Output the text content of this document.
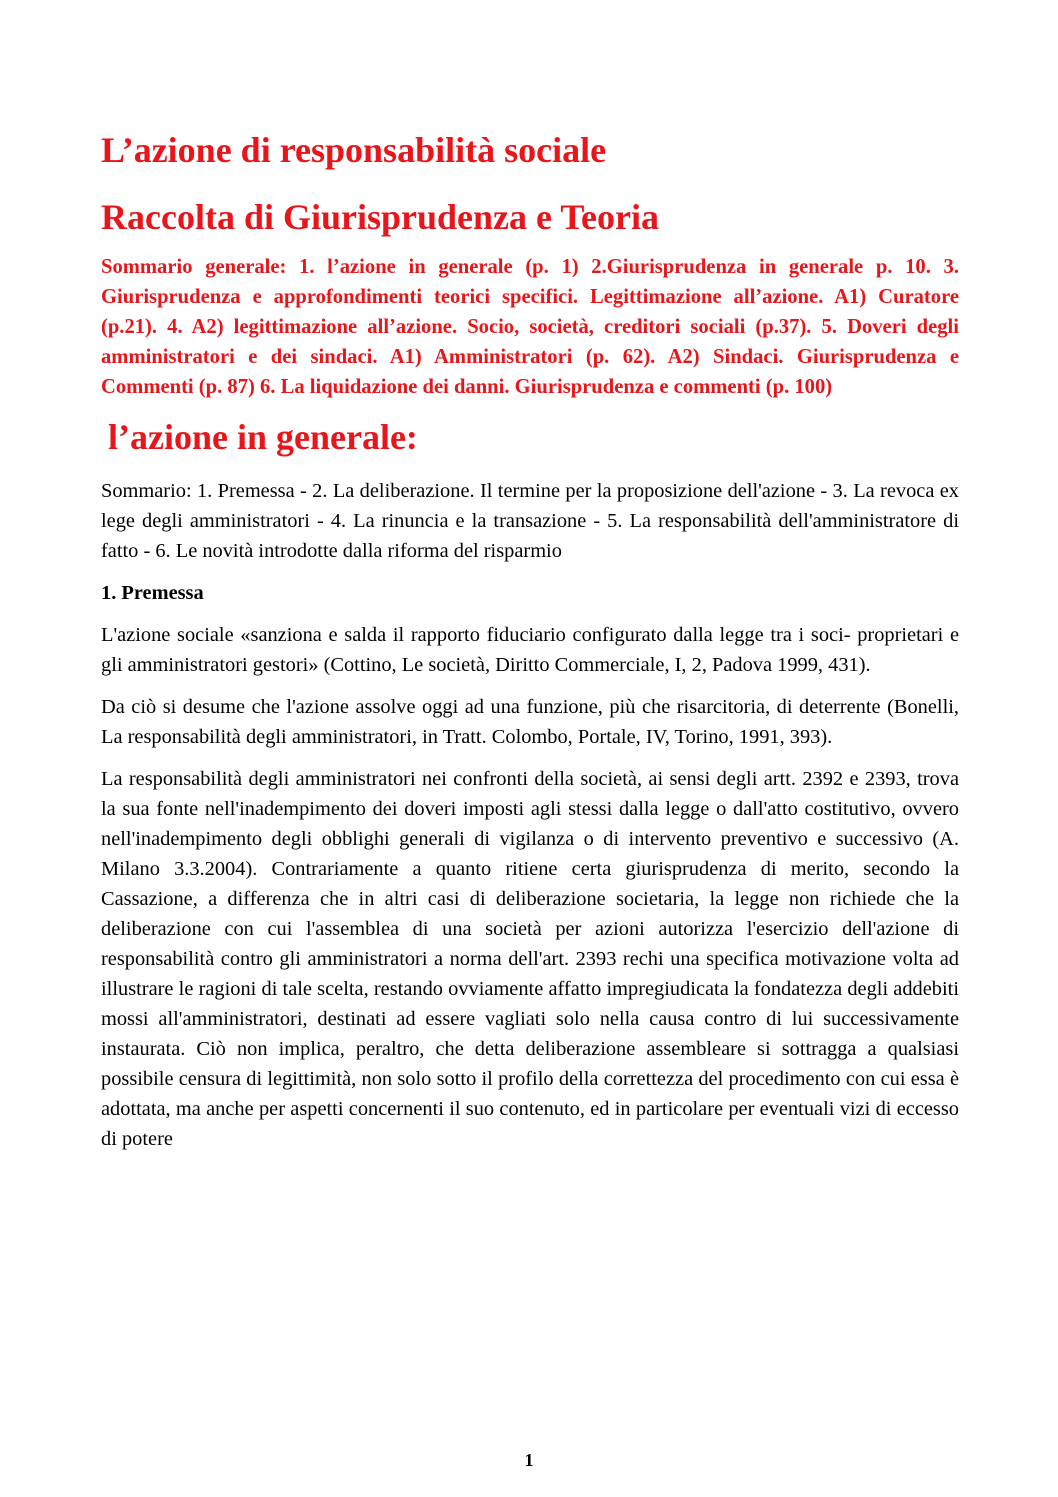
L’azione di responsabilità sociale
Raccolta di Giurisprudenza e Teoria

Sommario generale: 1. l’azione in generale (p. 1) 2.Giurisprudenza in generale p. 10. 3. Giurisprudenza e approfondimenti teorici specifici. Legittimazione all’azione. A1) Curatore (p.21). 4. A2) legittimazione all’azione. Socio, società, creditori sociali (p.37). 5. Doveri degli amministratori e dei sindaci. A1) Amministratori (p. 62). A2) Sindaci. Giurisprudenza e Commenti (p. 87) 6. La liquidazione dei danni. Giurisprudenza e commenti (p. 100)

l’azione in generale:

Sommario: 1. Premessa - 2. La deliberazione. Il termine per la proposizione dell'azione - 3. La revoca ex lege degli amministratori - 4. La rinuncia e la transazione - 5. La responsabilità dell'amministratore di fatto - 6. Le novità introdotte dalla riforma del risparmio

1. Premessa

L'azione sociale «sanziona e salda il rapporto fiduciario configurato dalla legge tra i soci- proprietari e gli amministratori gestori» (Cottino, Le società, Diritto Commerciale, I, 2, Padova 1999, 431).

Da ciò si desume che l'azione assolve oggi ad una funzione, più che risarcitoria, di deterrente (Bonelli, La responsabilità degli amministratori, in Tratt. Colombo, Portale, IV, Torino, 1991, 393).

La responsabilità degli amministratori nei confronti della società, ai sensi degli artt. 2392 e 2393, trova la sua fonte nell'inadempimento dei doveri imposti agli stessi dalla legge o dall'atto costitutivo, ovvero nell'inadempimento degli obblighi generali di vigilanza o di intervento preventivo e successivo (A. Milano 3.3.2004). Contrariamente a quanto ritiene certa giurisprudenza di merito, secondo la Cassazione, a differenza che in altri casi di deliberazione societaria, la legge non richiede che la deliberazione con cui l'assemblea di una società per azioni autorizza l'esercizio dell'azione di responsabilità contro gli amministratori a norma dell'art. 2393 rechi una specifica motivazione volta ad illustrare le ragioni di tale scelta, restando ovviamente affatto impregiudicata la fondatezza degli addebiti mossi all'amministratori, destinati ad essere vagliati solo nella causa contro di lui successivamente instaurata. Ciò non implica, peraltro, che detta deliberazione assembleare si sottragga a qualsiasi possibile censura di legittimità, non solo sotto il profilo della correttezza del procedimento con cui essa è adottata, ma anche per aspetti concernenti il suo contenuto, ed in particolare per eventuali vizi di eccesso di potere

1
